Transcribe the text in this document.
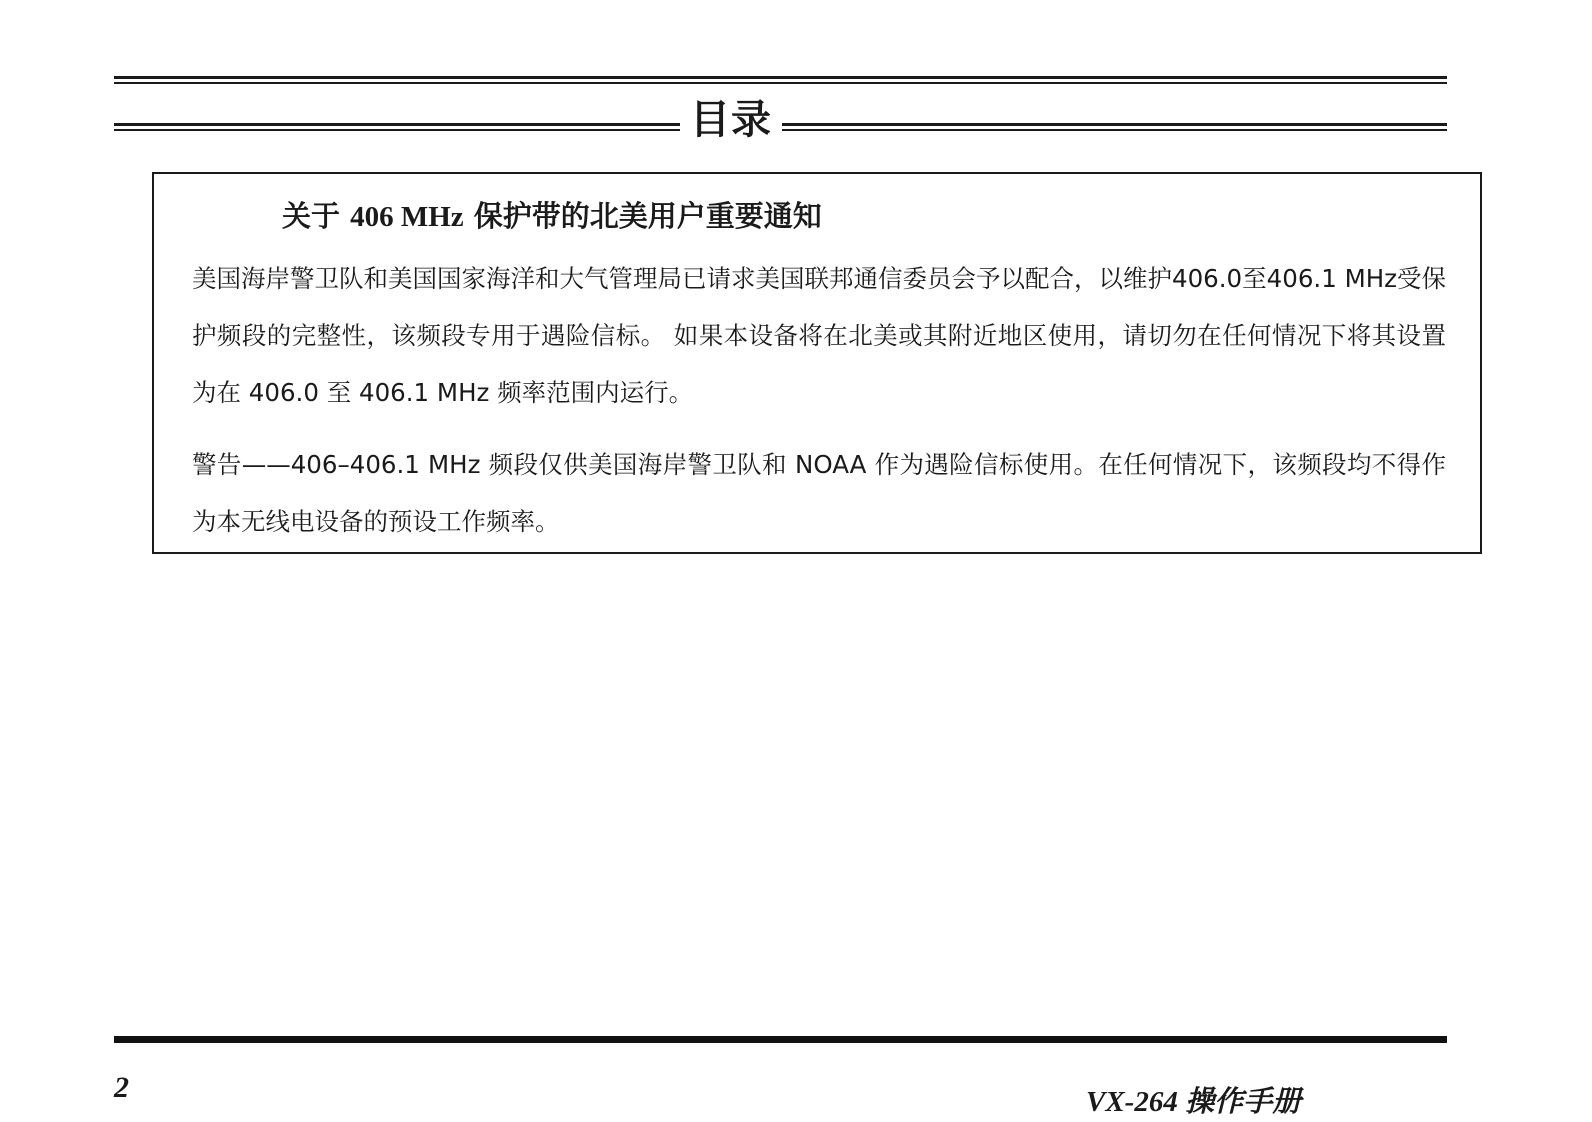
目录
关于 406 MHz 保护带的北美用户重要通知

美国海岸警卫队和美国国家海洋和大气管理局已请求美国联邦通信委员会予以配合，以维护406.0至406.1 MHz受保护频段的完整性，该频段专用于遇险信标。 如果本设备将在北美或其附近地区使用，请切勿在任何情况下将其设置为在 406.0 至 406.1 MHz 频率范围内运行。

警告——406–406.1 MHz 频段仅供美国海岸警卫队和 NOAA 作为遇险信标使用。在任何情况下，该频段均不得作为本无线电设备的预设工作频率。

2	VX-264 操作手册
